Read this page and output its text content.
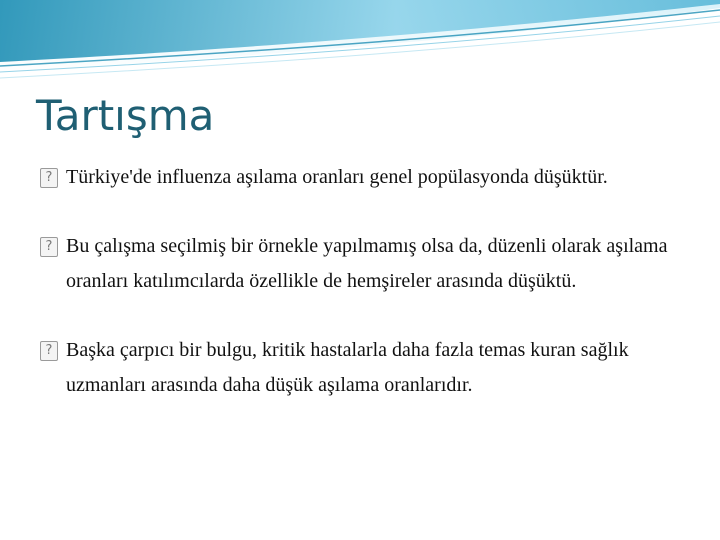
Tartışma
? Türkiye'de influenza aşılama oranları genel popülasyonda düşüktür.
? Bu çalışma seçilmiş bir örnekle yapılmamış olsa da, düzenli olarak aşılama oranları katılımcılarda özellikle de hemşireler arasında düşüktü.
? Başka çarpıcı bir bulgu, kritik hastalarla daha fazla temas kuran sağlık uzmanları arasında daha düşük aşılama oranlarıdır.
